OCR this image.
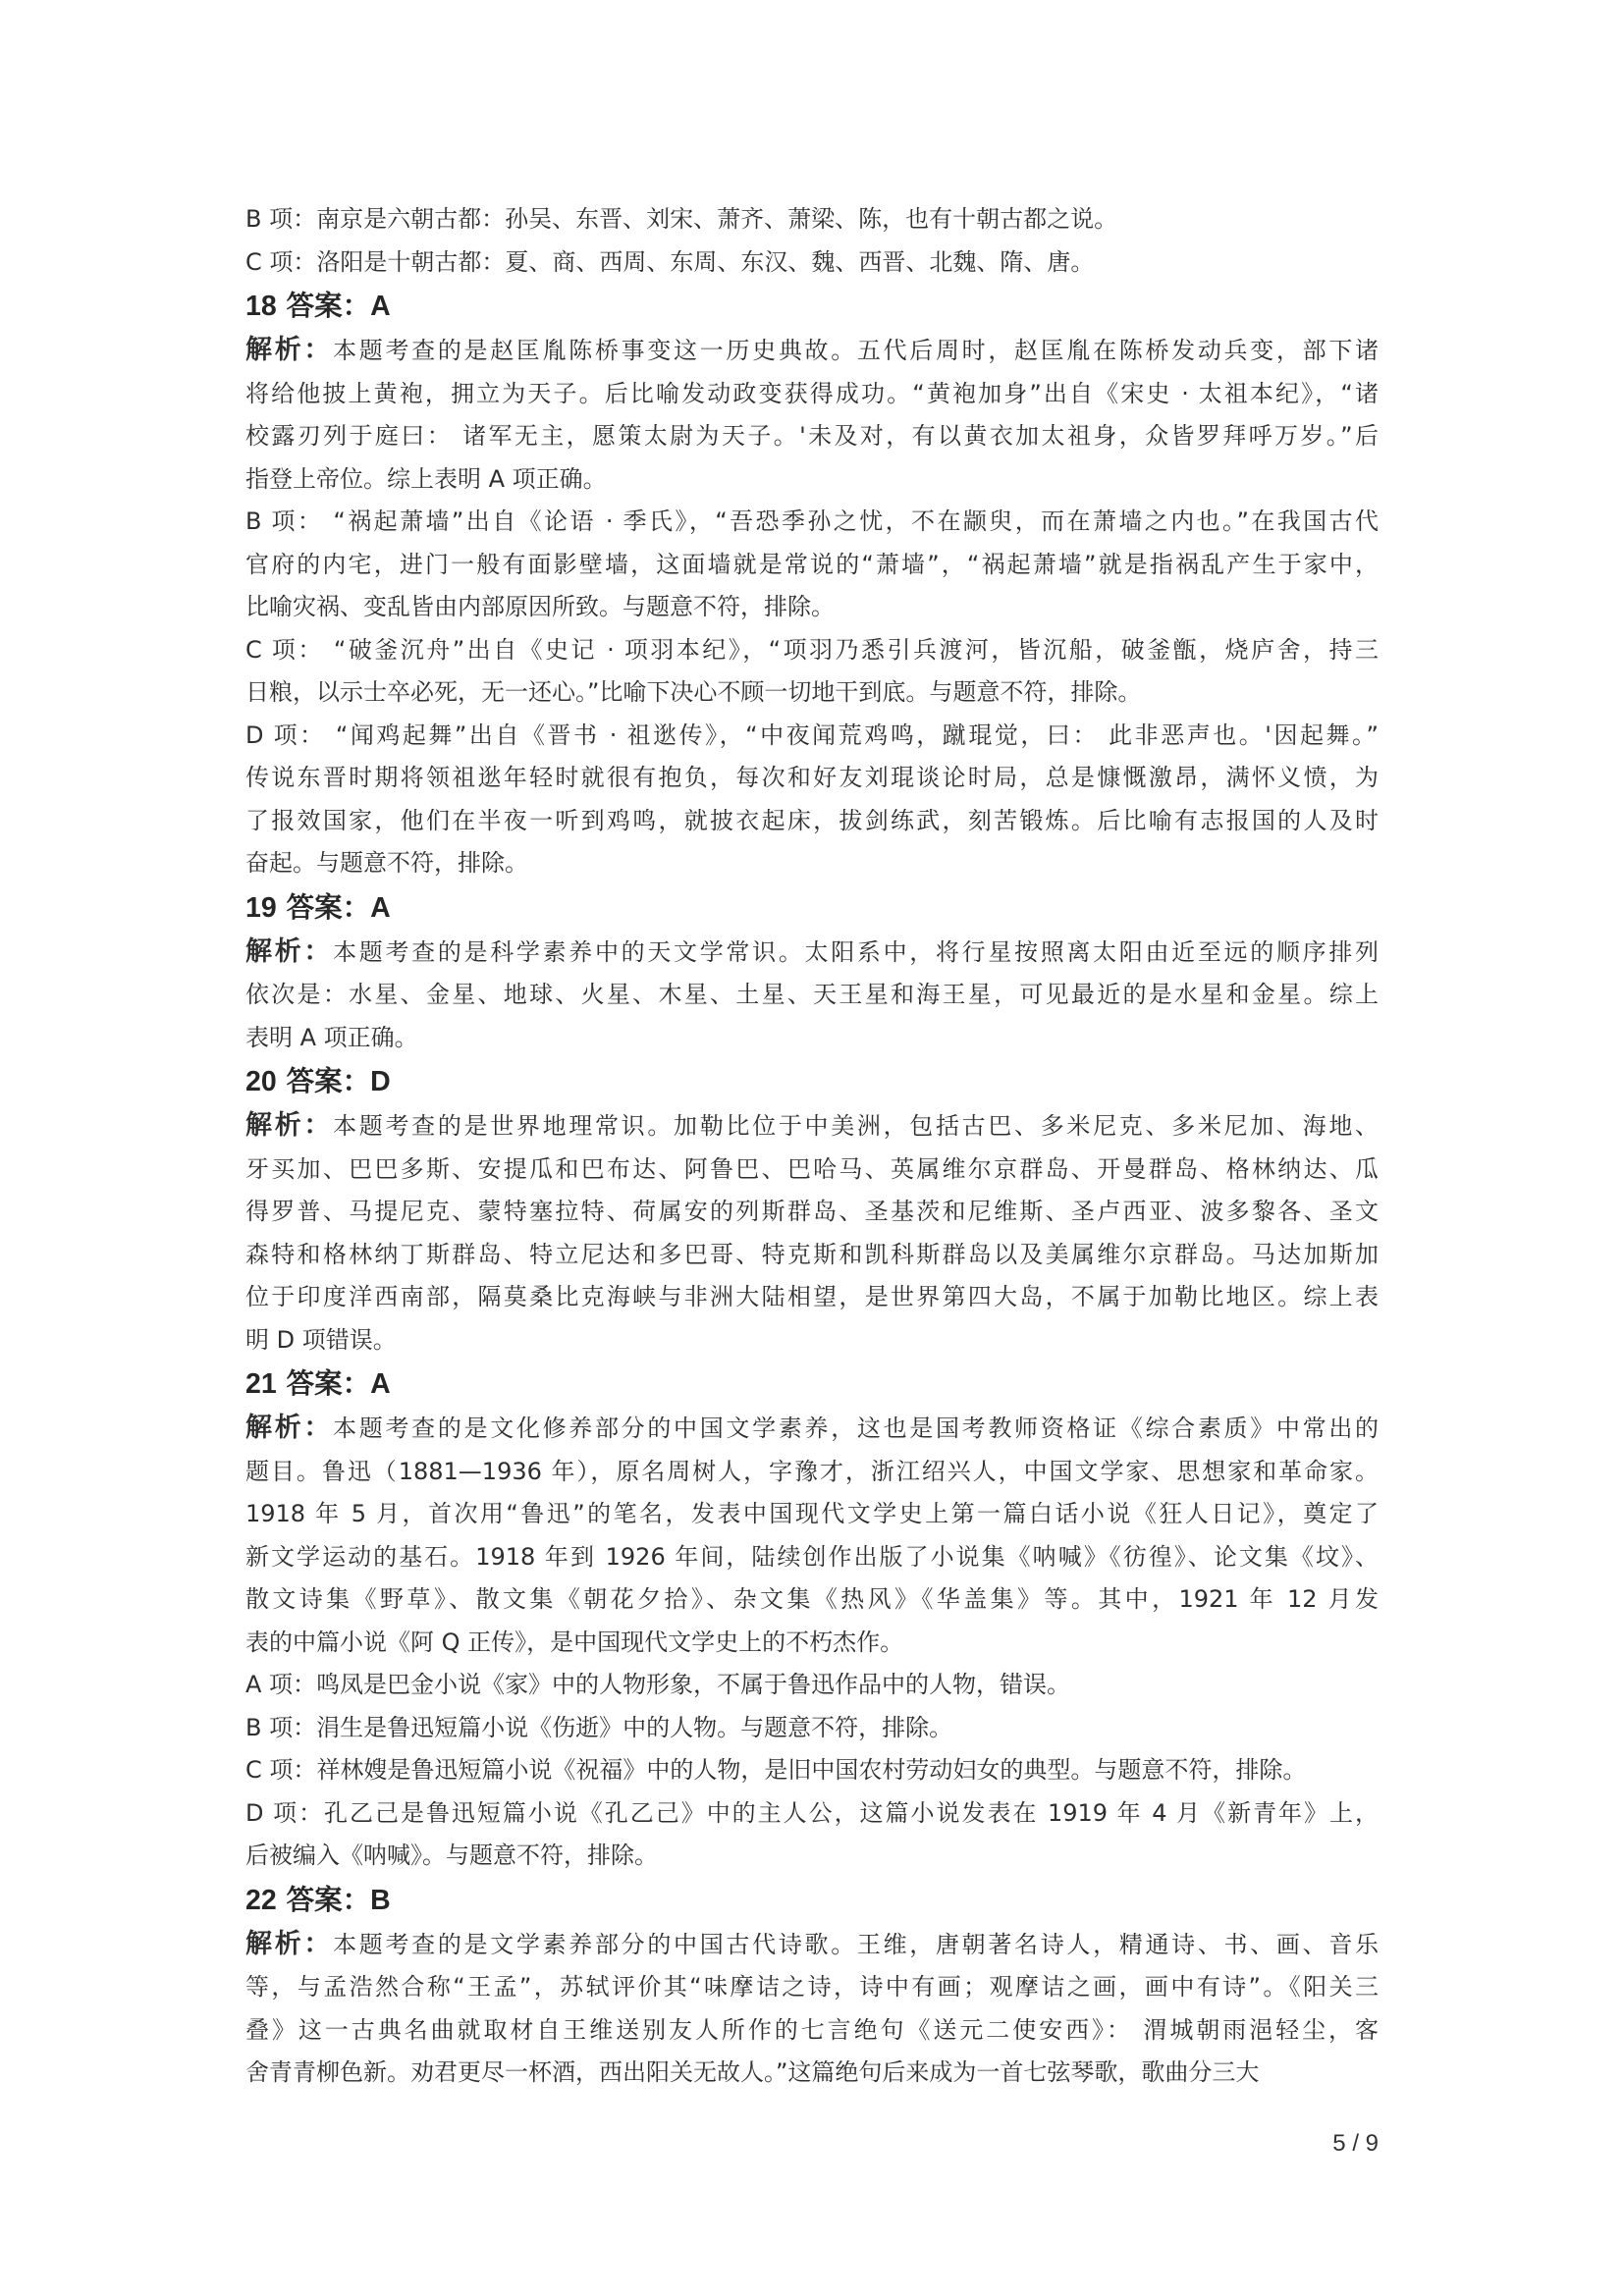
B 项：南京是六朝古都：孙吴、东晋、刘宋、萧齐、萧梁、陈，也有十朝古都之说。

C 项：洛阳是十朝古都：夏、商、西周、东周、东汉、魏、西晋、北魏、隋、唐。

18 答案：A

解析：本题考查的是赵匡胤陈桥事变这一历史典故。五代后周时，赵匡胤在陈桥发动兵变，部下诸

将给他披上黄袍，拥立为天子。后比喻发动政变获得成功。“黄袍加身”出自《宋史 · 太祖本纪》，“诸

校露刃列于庭曰： 诸军无主，愿策太尉为天子。'未及对，有以黄衣加太祖身，众皆罗拜呼万岁。”后

指登上帝位。综上表明 A 项正确。

B 项： “祸起萧墙”出自《论语 · 季氏》，“吾恐季孙之忧，不在颛臾，而在萧墙之内也。”在我国古代

官府的内宅，进门一般有面影壁墙，这面墙就是常说的“萧墙”，“祸起萧墙”就是指祸乱产生于家中，

比喻灾祸、变乱皆由内部原因所致。与题意不符，排除。

C 项： “破釜沉舟”出自《史记 · 项羽本纪》，“项羽乃悉引兵渡河，皆沉船，破釜甑，烧庐舍，持三

日粮，以示士卒必死，无一还心。”比喻下决心不顾一切地干到底。与题意不符，排除。

D 项： “闻鸡起舞”出自《晋书 · 祖逖传》，“中夜闻荒鸡鸣，蹴琨觉，曰： 此非恶声也。'因起舞。”

传说东晋时期将领祖逖年轻时就很有抱负，每次和好友刘琨谈论时局，总是慷慨激昂，满怀义愤，为

了报效国家，他们在半夜一听到鸡鸣，就披衣起床，拔剑练武，刻苦锻炼。后比喻有志报国的人及时

奋起。与题意不符，排除。

19 答案：A

解析：本题考查的是科学素养中的天文学常识。太阳系中，将行星按照离太阳由近至远的顺序排列

依次是：水星、金星、地球、火星、木星、土星、天王星和海王星，可见最近的是水星和金星。综上

表明 A 项正确。

20 答案：D

解析：本题考查的是世界地理常识。加勒比位于中美洲，包括古巴、多米尼克、多米尼加、海地、

牙买加、巴巴多斯、安提瓜和巴布达、阿鲁巴、巴哈马、英属维尔京群岛、开曼群岛、格林纳达、瓜

得罗普、马提尼克、蒙特塞拉特、荷属安的列斯群岛、圣基茨和尼维斯、圣卢西亚、波多黎各、圣文

森特和格林纳丁斯群岛、特立尼达和多巴哥、特克斯和凯科斯群岛以及美属维尔京群岛。马达加斯加

位于印度洋西南部，隔莫桑比克海峡与非洲大陆相望，是世界第四大岛，不属于加勒比地区。综上表

明 D 项错误。

21 答案：A

解析：本题考查的是文化修养部分的中国文学素养，这也是国考教师资格证《综合素质》中常出的

题目。鲁迅（1881—1936 年），原名周树人，字豫才，浙江绍兴人，中国文学家、思想家和革命家。

1918 年 5 月，首次用“鲁迅”的笔名，发表中国现代文学史上第一篇白话小说《狂人日记》，奠定了

新文学运动的基石。1918 年到 1926 年间，陆续创作出版了小说集《呐喊》《彷徨》、论文集《坟》、

散文诗集《野草》、散文集《朝花夕拾》、杂文集《热风》《华盖集》等。其中，1921 年 12 月发

表的中篇小说《阿 Q 正传》，是中国现代文学史上的不朽杰作。

A 项：鸣凤是巴金小说《家》中的人物形象，不属于鲁迅作品中的人物，错误。

B 项：涓生是鲁迅短篇小说《伤逝》中的人物。与题意不符，排除。

C 项：祥林嫂是鲁迅短篇小说《祝福》中的人物，是旧中国农村劳动妇女的典型。与题意不符，排除。

D 项：孔乙己是鲁迅短篇小说《孔乙己》中的主人公，这篇小说发表在 1919 年 4 月《新青年》上，

后被编入《呐喊》。与题意不符，排除。

22 答案：B

解析：本题考查的是文学素养部分的中国古代诗歌。王维，唐朝著名诗人，精通诗、书、画、音乐

等，与孟浩然合称“王孟”，苏轼评价其“味摩诘之诗，诗中有画；观摩诘之画，画中有诗”。《阳关三

叠》这一古典名曲就取材自王维送别友人所作的七言绝句《送元二使安西》： 渭城朝雨浥轻尘，客

舍青青柳色新。劝君更尽一杯酒，西出阳关无故人。”这篇绝句后来成为一首七弦琴歌，歌曲分三大

5 / 9
